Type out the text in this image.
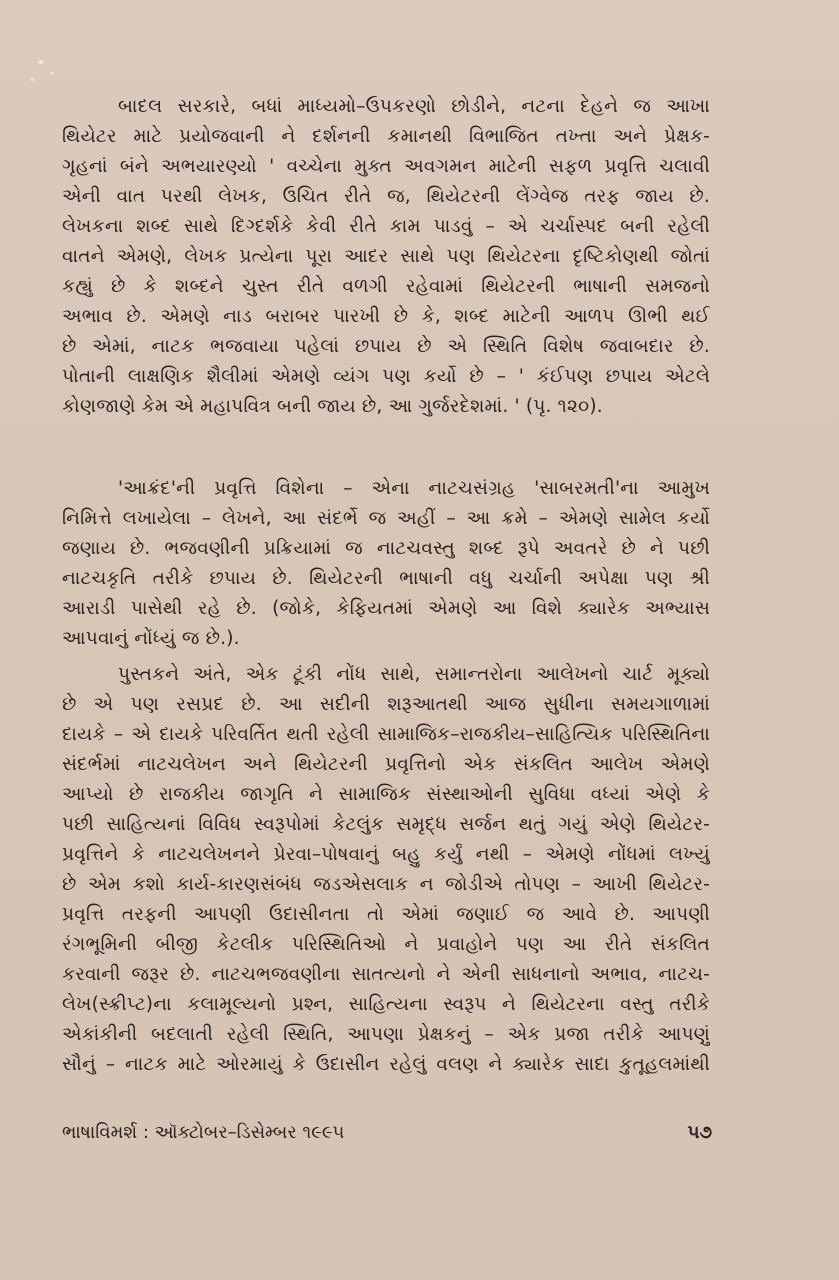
બાદલ સરકારે, બધાં માધ્યમો–ઉપકરણો છોડીને, નટના દેહને જ આખા
થિયેટર માટે પ્રયોજવાની ને દર્શનની કમાનથી વિભાજિત તખ્તા અને પ્રેક્ષક-
ગૃહનાં બંને અભયારણ્યો ' વચ્ચેના મુક્ત અવગમન માટેની સફળ પ્રવૃત્તિ ચલાવી
એની વાત પરથી લેખક, ઉચિત રીતે જ, થિયેટરની લેંગ્વેજ તરફ જાય છે.
લેખકના શબ્દ સાથે દિગ્દર્શકે કેવી રીતે કામ પાડવું – એ ચર્ચાસ્પદ બની રહેલી
વાતને એમણે, લેખક પ્રત્યેના પૂરા આદર સાથે પણ થિયેટરના દૃષ્ટિકોણથી જોતાં
કહ્યું છે કે શબ્દને ચુસ્ત રીતે વળગી રહેવામાં થિયેટરની ભાષાની સમજનો
અભાવ છે. એમણે નાડ બરાબર પારખી છે કે, શબ્દ માટેની આળપ ઊભી થઈ
છે એમાં, નાટક ભજવાયા પહેલાં છપાય છે એ સ્થિતિ વિશેષ જવાબદાર છે.
પોતાની લાક્ષણિક શૈલીમાં એમણે વ્યંગ પણ કર્યો છે – ' કંઈપણ છપાય એટલે
કોણજાણે કેમ એ મહાપવિત્ર બની જાય છે, આ ગુર્જરદેશમાં. ' (પૃ. ૧૨૦).
'આક્રંદ'ની પ્રવૃત્તિ વિશેના – એના નાટચસંગ્રહ 'સાબરમતી'ના આમુખ
નિમિત્તે લખાયેલા – લેખને, આ સંદર્ભે જ અહીં – આ ક્રમે – એમણે સામેલ કર્યો
જણાય છે. ભજવણીની પ્રક્રિયામાં જ નાટચવસ્તુ શબ્દ રૂપે અવતરે છે ને પછી
નાટચકૃતિ તરીકે છપાય છે. થિયેટરની ભાષાની વધુ ચર્ચાની અપેક્ષા પણ શ્રી
આરાડી પાસેથી રહે છે. (જોકે, કેફિયતમાં એમણે આ વિશે ક્યારેક અભ્યાસ
આપવાનું નોંધ્યું જ છે.).
પુસ્તકને અંતે, એક ટૂંકી નોંધ સાથે, સમાન્તરોના આલેખનો ચાર્ટ મૂક્યો
છે એ પણ રસપ્રદ છે. આ સદીની શરૂઆતથી આજ સુધીના સમયગાળામાં
દાયકે – એ દાયકે પરિવર્તિત થતી રહેલી સામાજિક–રાજકીય–સાહિત્યિક પરિસ્થિતિના
સંદર્ભમાં નાટચલેખન અને થિયેટરની પ્રવૃત્તિનો એક સંકલિત આલેખ એમણે
આપ્યો છે રાજકીય જાગૃતિ ને સામાજિક સંસ્થાઓની સુવિધા વધ્યાં એણે કે
પછી સાહિત્યનાં વિવિધ સ્વરૂપોમાં કેટલુંક સમૃદ્ધ સર્જન થતું ગયું એણે થિયેટર-
પ્રવૃત્તિને કે નાટચલેખનને પ્રેરવા–પોષવાનું બહુ કર્યું નથી – એમણે નોંધમાં લખ્યું
છે એમ કશો કાર્ય-કારણસંબંધ જડએસલાક ન જોડીએ તોપણ – આખી થિયેટર-
પ્રવૃત્તિ તરફની આપણી ઉદાસીનતા તો એમાં જણાઈ જ આવે છે. આપણી
રંગભૂમિની બીજી કેટલીક પરિસ્થિતિઓ ને પ્રવાહોને પણ આ રીતે સંકલિત
કરવાની જરૂર છે. નાટચભજવણીના સાતત્યનો ને એની સાધનાનો અભાવ, નાટચ-
લેખ(સ્ક્રીપ્ટ)ના કલામૂલ્યનો પ્રશ્ન, સાહિત્યના સ્વરૂપ ને થિયેટરના વસ્તુ તરીકે
એકાંકીની બદલાતી રહેલી સ્થિતિ, આપણા પ્રેક્ષકનું – એક પ્રજા તરીકે આપણું
સૌનું – નાટક માટે ઓરમાયું કે ઉદાસીન રહેલું વલણ ને ક્યારેક સાદા કુતૂહલમાંથી
ભાષાવિમર્શ : ઑક્ટોબર–ડિસેમ્બર ૧૯૯૫	૫૭
